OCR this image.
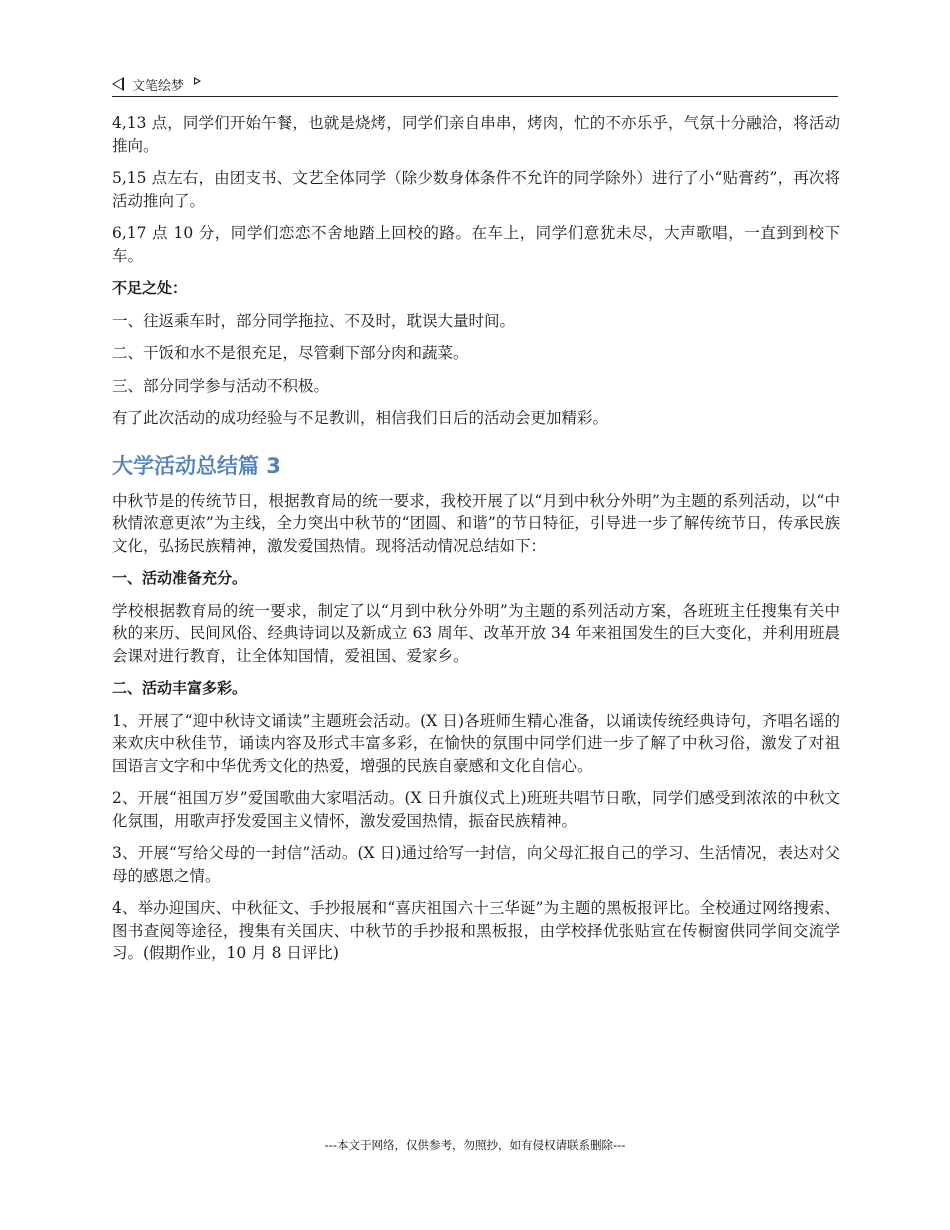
文笔绘梦

4,13 点，同学们开始午餐，也就是烧烤，同学们亲自串串，烤肉，忙的不亦乐乎，气氛十分融洽，将活动推向。

5,15 点左右，由团支书、文艺全体同学（除少数身体条件不允许的同学除外）进行了小“贴膏药”，再次将活动推向了。

6,17 点 10 分，同学们恋恋不舍地踏上回校的路。在车上，同学们意犹未尽，大声歌唱，一直到到校下车。

不足之处：

一、往返乘车时，部分同学拖拉、不及时，耽误大量时间。

二、干饭和水不是很充足，尽管剩下部分肉和蔬菜。

三、部分同学参与活动不积极。

有了此次活动的成功经验与不足教训，相信我们日后的活动会更加精彩。

大学活动总结篇 3

中秋节是的传统节日，根据教育局的统一要求，我校开展了以“月到中秋分外明”为主题的系列活动，以“中秋情浓意更浓”为主线，全力突出中秋节的“团圆、和谐”的节日特征，引导进一步了解传统节日，传承民族文化，弘扬民族精神，激发爱国热情。现将活动情况总结如下：

一、活动准备充分。

学校根据教育局的统一要求，制定了以“月到中秋分外明”为主题的系列活动方案，各班班主任搜集有关中秋的来历、民间风俗、经典诗词以及新成立 63 周年、改革开放 34 年来祖国发生的巨大变化，并利用班晨会课对进行教育，让全体知国情，爱祖国、爱家乡。

二、活动丰富多彩。

1、开展了“迎中秋诗文诵读”主题班会活动。(X 日)各班师生精心准备，以诵读传统经典诗句，齐唱名谣的来欢庆中秋佳节，诵读内容及形式丰富多彩，在愉快的氛围中同学们进一步了解了中秋习俗，激发了对祖国语言文字和中华优秀文化的热爱，增强的民族自豪感和文化自信心。

2、开展“祖国万岁”爱国歌曲大家唱活动。(X 日升旗仪式上)班班共唱节日歌，同学们感受到浓浓的中秋文化氛围，用歌声抒发爱国主义情怀，激发爱国热情，振奋民族精神。

3、开展“写给父母的一封信”活动。(X 日)通过给写一封信，向父母汇报自己的学习、生活情况，表达对父母的感恩之情。

4、举办迎国庆、中秋征文、手抄报展和“喜庆祖国六十三华诞”为主题的黑板报评比。全校通过网络搜索、图书查阅等途径，搜集有关国庆、中秋节的手抄报和黑板报，由学校择优张贴宣在传橱窗供同学间交流学习。(假期作业，10 月 8 日评比)

---本文于网络，仅供参考，勿照抄，如有侵权请联系删除---
